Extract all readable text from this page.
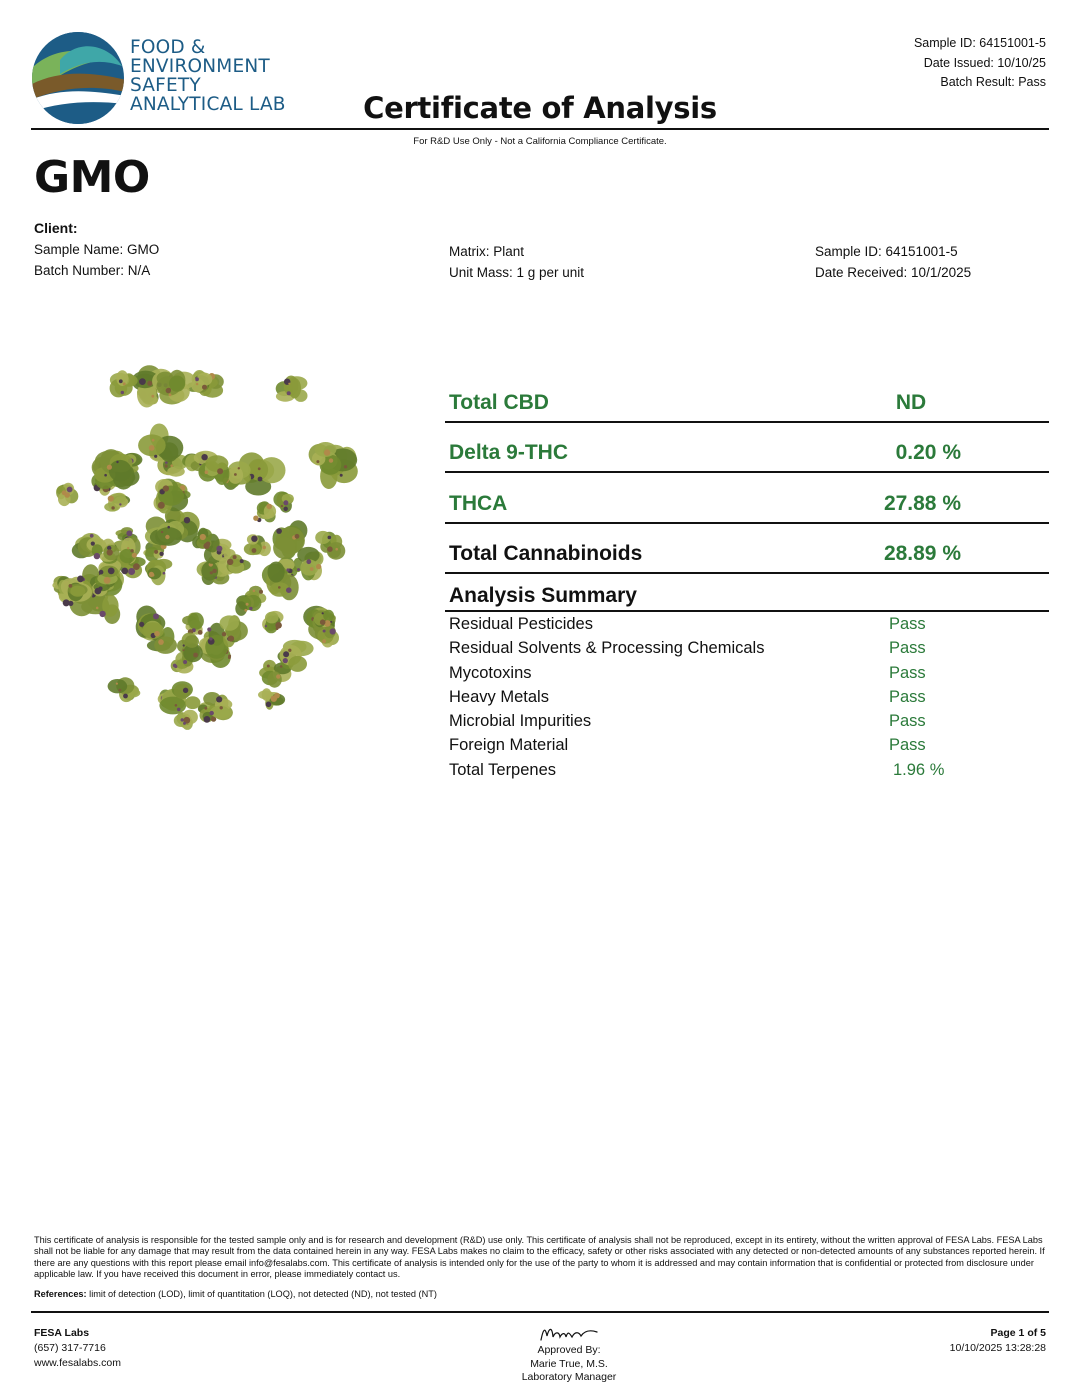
FOOD &
ENVIRONMENT
SAFETY
ANALYTICAL LAB
Sample ID: 64151001-5
Date Issued: 10/10/25
Batch Result: Pass
Certificate of Analysis
For R&D Use Only - Not a California Compliance Certificate.
GMO
Client:
Sample Name: GMO
Batch Number: N/A
Matrix: Plant
Unit Mass: 1 g per unit
Sample ID: 64151001-5
Date Received: 10/1/2025
Total CBD	ND
Delta 9-THC	0.20 %
THCA	27.88 %
Total Cannabinoids	28.89 %
Analysis Summary
Residual Pesticides	Pass
Residual Solvents & Processing Chemicals	Pass
Mycotoxins	Pass
Heavy Metals	Pass
Microbial Impurities	Pass
Foreign Material	Pass
Total Terpenes	1.96 %
This certificate of analysis is responsible for the tested sample only and is for research and development (R&D) use only. This certificate of analysis shall not be reproduced, except in its entirety, without the written approval of FESA Labs. FESA Labs shall not be liable for any damage that may result from the data contained herein in any way. FESA Labs makes no claim to the efficacy, safety or other risks associated with any detected or non-detected amounts of any substances reported herein. If there are any questions with this report please email info@fesalabs.com. This certificate of analysis is intended only for the use of the party to whom it is addressed and may contain information that is confidential or protected from disclosure under applicable law. If you have received this document in error, please immediately contact us.
References: limit of detection (LOD), limit of quantitation (LOQ), not detected (ND), not tested (NT)
FESA Labs
(657) 317-7716
www.fesalabs.com
Approved By:
Marie True, M.S.
Laboratory Manager
Page 1 of 5
10/10/2025 13:28:28
